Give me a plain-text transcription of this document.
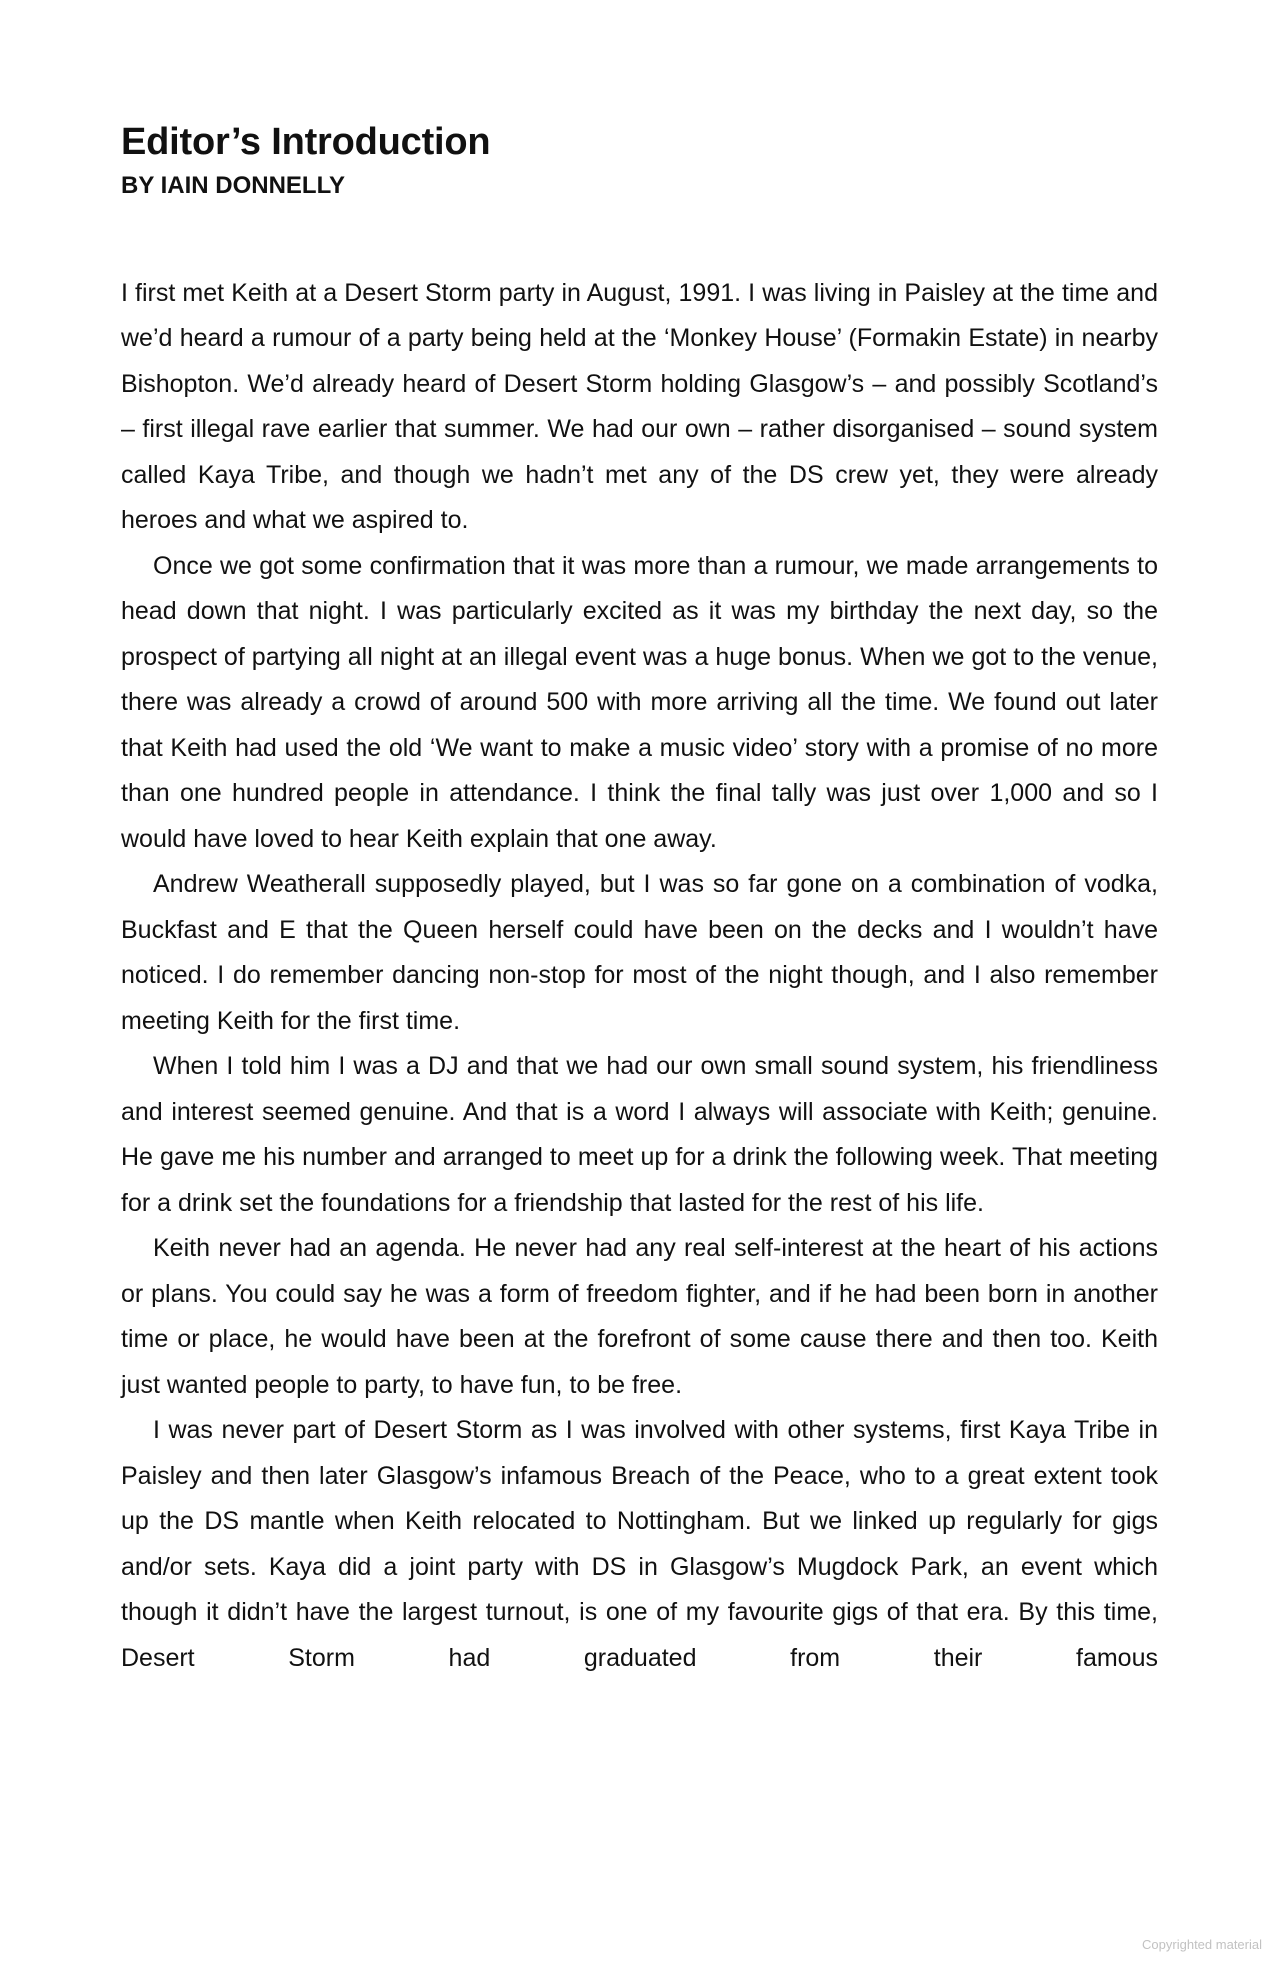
Editor’s Introduction
BY IAIN DONNELLY

I first met Keith at a Desert Storm party in August, 1991. I was living in Paisley at the time and we’d heard a rumour of a party being held at the ‘Monkey House’ (Formakin Estate) in nearby Bishopton. We’d already heard of Desert Storm holding Glasgow’s – and possibly Scotland’s – first illegal rave earlier that summer. We had our own – rather disorganised – sound system called Kaya Tribe, and though we hadn’t met any of the DS crew yet, they were already heroes and what we aspired to.

Once we got some confirmation that it was more than a rumour, we made arrangements to head down that night. I was particularly excited as it was my birthday the next day, so the prospect of partying all night at an illegal event was a huge bonus. When we got to the venue, there was already a crowd of around 500 with more arriving all the time. We found out later that Keith had used the old ‘We want to make a music video’ story with a promise of no more than one hundred people in attendance. I think the final tally was just over 1,000 and so I would have loved to hear Keith explain that one away.

Andrew Weatherall supposedly played, but I was so far gone on a combination of vodka, Buckfast and E that the Queen herself could have been on the decks and I wouldn’t have noticed. I do remember dancing non-stop for most of the night though, and I also remember meeting Keith for the first time.

When I told him I was a DJ and that we had our own small sound system, his friendliness and interest seemed genuine. And that is a word I always will associate with Keith; genuine. He gave me his number and arranged to meet up for a drink the following week. That meeting for a drink set the foundations for a friendship that lasted for the rest of his life.

Keith never had an agenda. He never had any real self-interest at the heart of his actions or plans. You could say he was a form of freedom fighter, and if he had been born in another time or place, he would have been at the forefront of some cause there and then too. Keith just wanted people to party, to have fun, to be free.

I was never part of Desert Storm as I was involved with other systems, first Kaya Tribe in Paisley and then later Glasgow’s infamous Breach of the Peace, who to a great extent took up the DS mantle when Keith relocated to Nottingham. But we linked up regularly for gigs and/or sets. Kaya did a joint party with DS in Glasgow’s Mugdock Park, an event which though it didn’t have the largest turnout, is one of my favourite gigs of that era. By this time, Desert Storm had graduated from their famous

Copyrighted material
